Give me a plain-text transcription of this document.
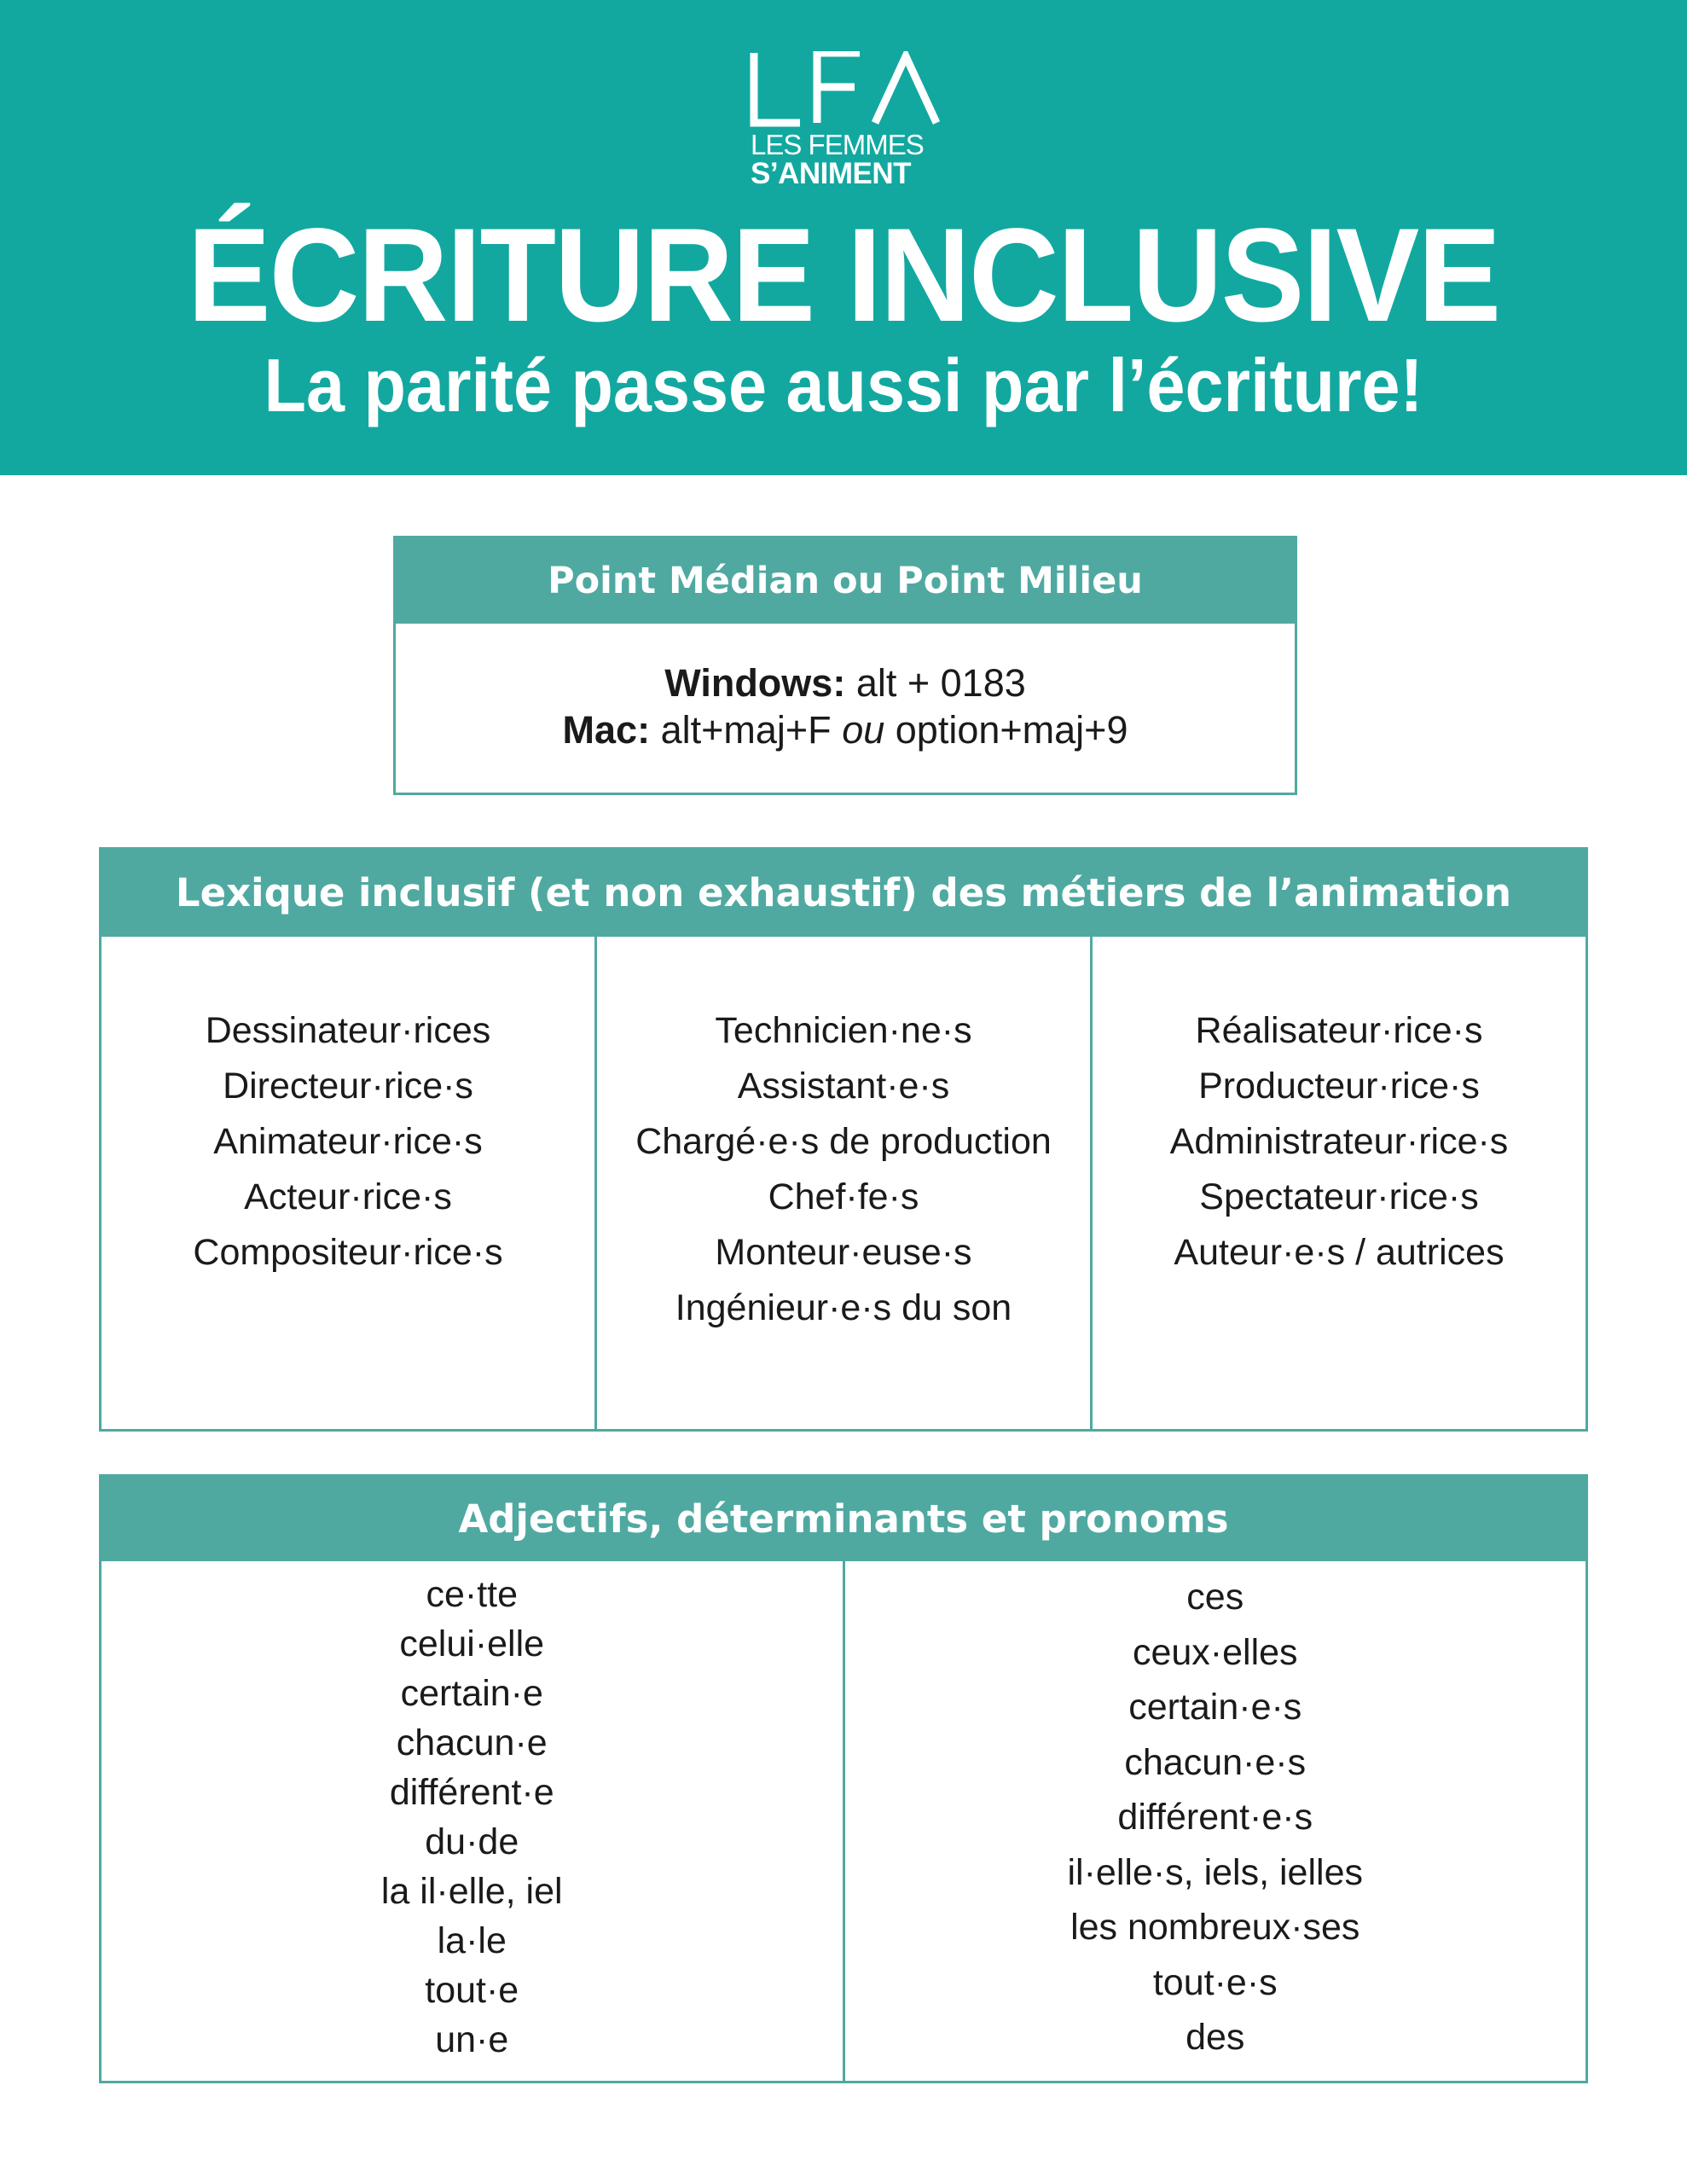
LES FEMMES
S’ANIMENT
ÉCRITURE INCLUSIVE
La parité passe aussi par l’écriture!
Point Médian ou Point Milieu
Windows: alt + 0183
Mac: alt+maj+F ou option+maj+9
Lexique inclusif (et non exhaustif) des métiers de l’animation
Dessinateur·rices
Directeur·rice·s
Animateur·rice·s
Acteur·rice·s
Compositeur·rice·s
Technicien·ne·s
Assistant·e·s
Chargé·e·s de production
Chef·fe·s
Monteur·euse·s
Ingénieur·e·s du son
Réalisateur·rice·s
Producteur·rice·s
Administrateur·rice·s
Spectateur·rice·s
Auteur·e·s / autrices
Adjectifs, déterminants et pronoms
ce·tte
celui·elle
certain·e
chacun·e
différent·e
du·de
la il·elle, iel
la·le
tout·e
un·e
ces
ceux·elles
certain·e·s
chacun·e·s
différent·e·s
il·elle·s, iels, ielles
les nombreux·ses
tout·e·s
des
